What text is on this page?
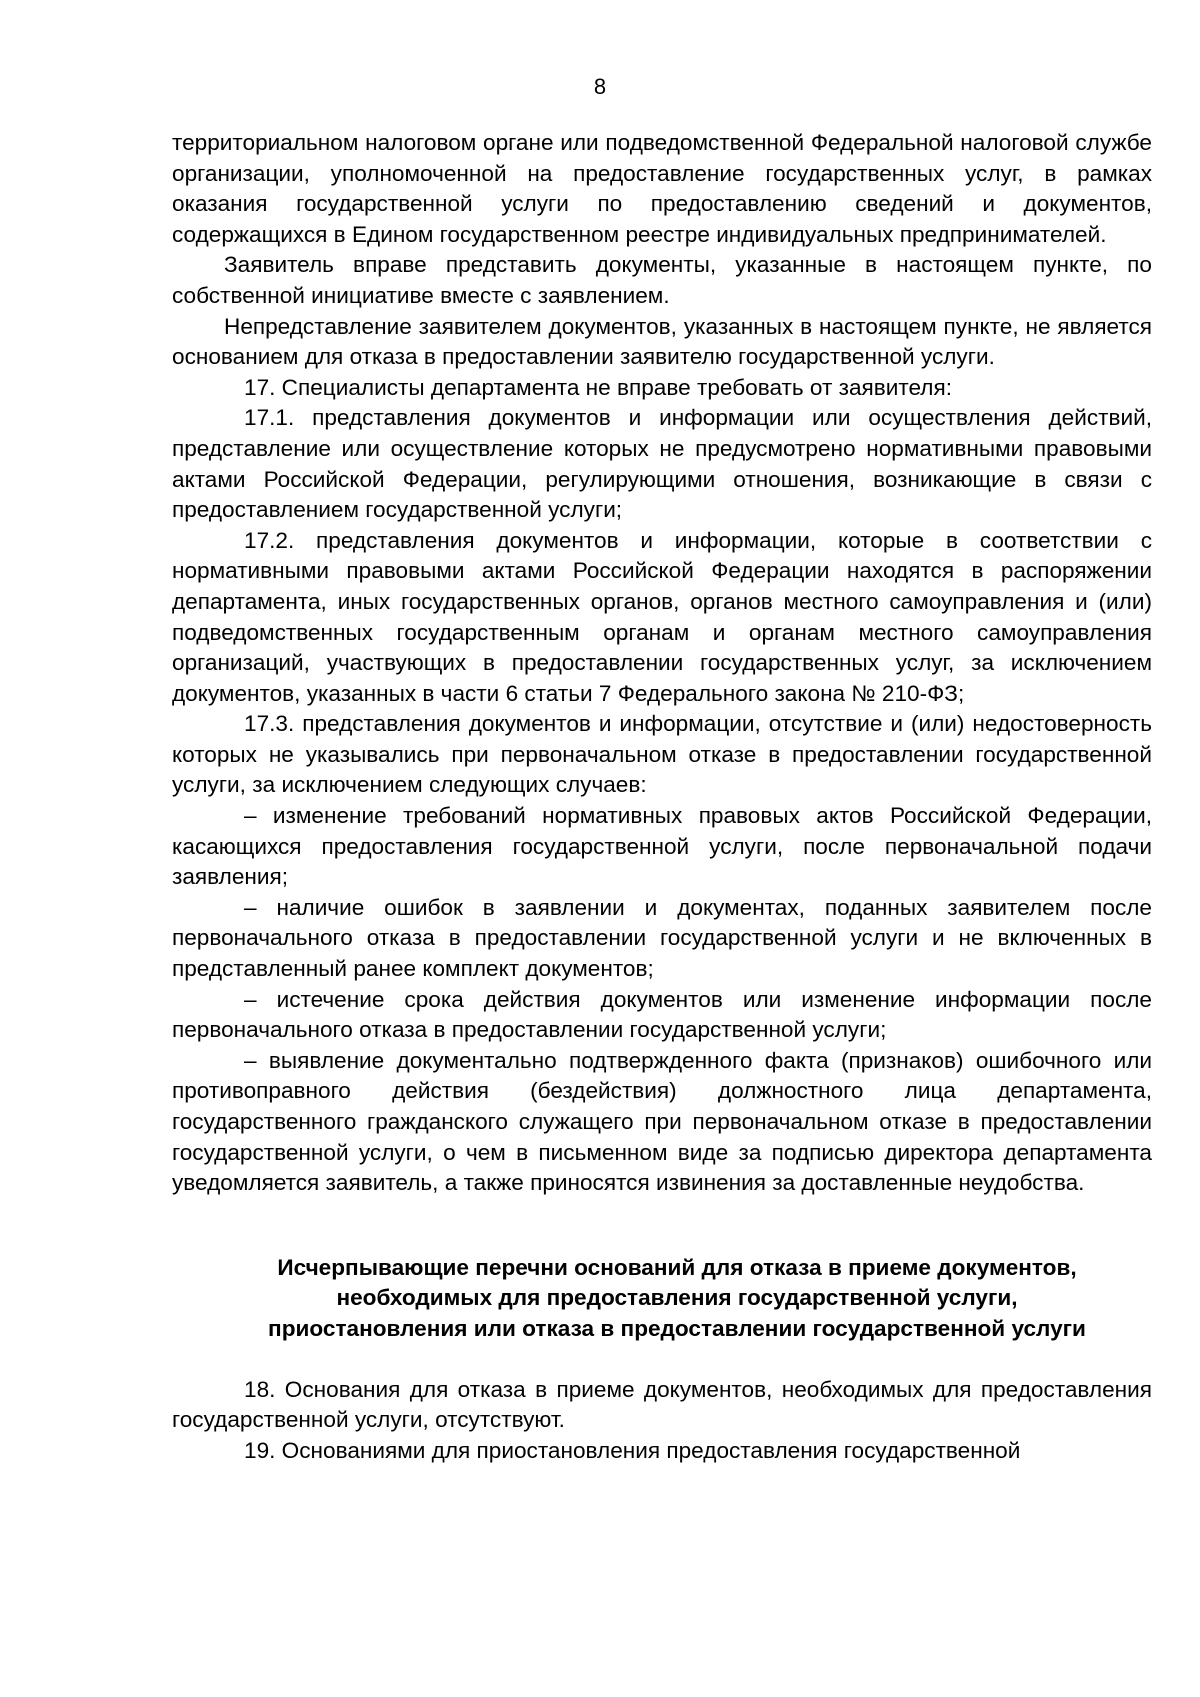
8

территориальном налоговом органе или подведомственной Федеральной налоговой службе организации, уполномоченной на предоставление государственных услуг, в рамках оказания государственной услуги по предоставлению сведений и документов, содержащихся в Едином государственном реестре индивидуальных предпринимателей.

Заявитель вправе представить документы, указанные в настоящем пункте, по собственной инициативе вместе с заявлением.

Непредставление заявителем документов, указанных в настоящем пункте, не является основанием для отказа в предоставлении заявителю государственной услуги.

17. Специалисты департамента не вправе требовать от заявителя:

17.1. представления документов и информации или осуществления действий, представление или осуществление которых не предусмотрено нормативными правовыми актами Российской Федерации, регулирующими отношения, возникающие в связи с предоставлением государственной услуги;

17.2. представления документов и информации, которые в соответствии с нормативными правовыми актами Российской Федерации находятся в распоряжении департамента, иных государственных органов, органов местного самоуправления и (или) подведомственных государственным органам и органам местного самоуправления организаций, участвующих в предоставлении государственных услуг, за исключением документов, указанных в части 6 статьи 7 Федерального закона № 210-ФЗ;

17.3. представления документов и информации, отсутствие и (или) недостоверность которых не указывались при первоначальном отказе в предоставлении государственной услуги, за исключением следующих случаев:

– изменение требований нормативных правовых актов Российской Федерации, касающихся предоставления государственной услуги, после первоначальной подачи заявления;

– наличие ошибок в заявлении и документах, поданных заявителем после первоначального отказа в предоставлении государственной услуги и не включенных в представленный ранее комплект документов;

– истечение срока действия документов или изменение информации после первоначального отказа в предоставлении государственной услуги;

– выявление документально подтвержденного факта (признаков) ошибочного или противоправного действия (бездействия) должностного лица департамента, государственного гражданского служащего при первоначальном отказе в предоставлении государственной услуги, о чем в письменном виде за подписью директора департамента уведомляется заявитель, а также приносятся извинения за доставленные неудобства.

Исчерпывающие перечни оснований для отказа в приеме документов, необходимых для предоставления государственной услуги, приостановления или отказа в предоставлении государственной услуги

18. Основания для отказа в приеме документов, необходимых для предоставления государственной услуги, отсутствуют.

19. Основаниями для приостановления предоставления государственной
